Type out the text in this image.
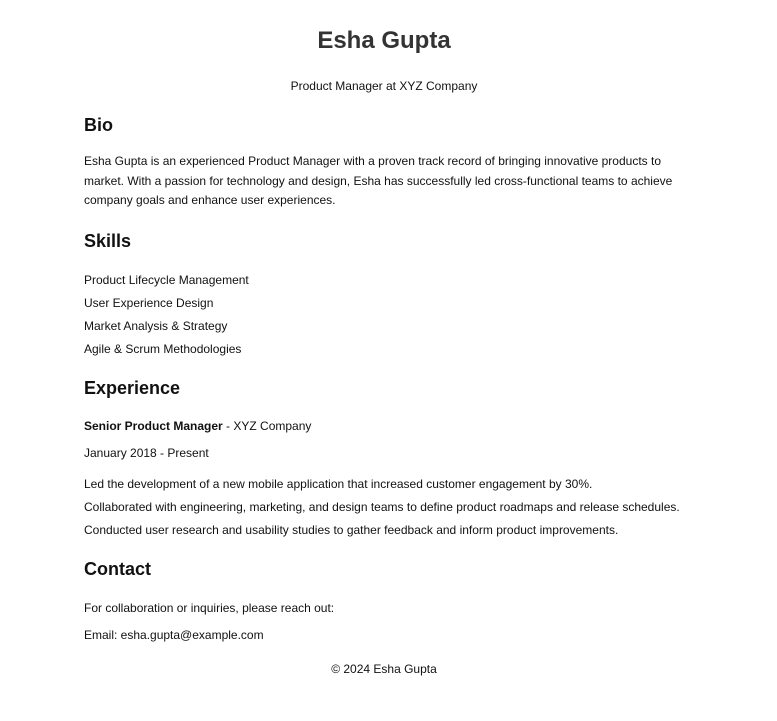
Esha Gupta

Product Manager at XYZ Company

Bio

Esha Gupta is an experienced Product Manager with a proven track record of bringing innovative products to market. With a passion for technology and design, Esha has successfully led cross-functional teams to achieve company goals and enhance user experiences.

Skills

Product Lifecycle Management

User Experience Design

Market Analysis & Strategy

Agile & Scrum Methodologies

Experience

Senior Product Manager - XYZ Company

January 2018 - Present

Led the development of a new mobile application that increased customer engagement by 30%.

Collaborated with engineering, marketing, and design teams to define product roadmaps and release schedules.

Conducted user research and usability studies to gather feedback and inform product improvements.

Contact

For collaboration or inquiries, please reach out:

Email: esha.gupta@example.com

© 2024 Esha Gupta
